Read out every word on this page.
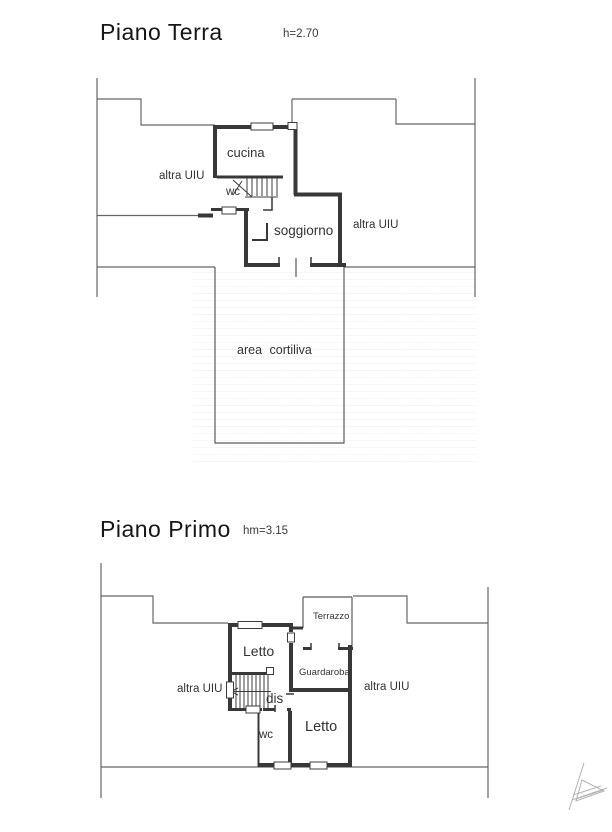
Piano Terra	h=2.70
cucina
altra UIU
wc
soggiorno altra UIU
area cortiliva
Piano Primo hm=3.15
Terrazzo
Letto
Guardaroba
altra UIU	altra UIU
dis
wc Letto
